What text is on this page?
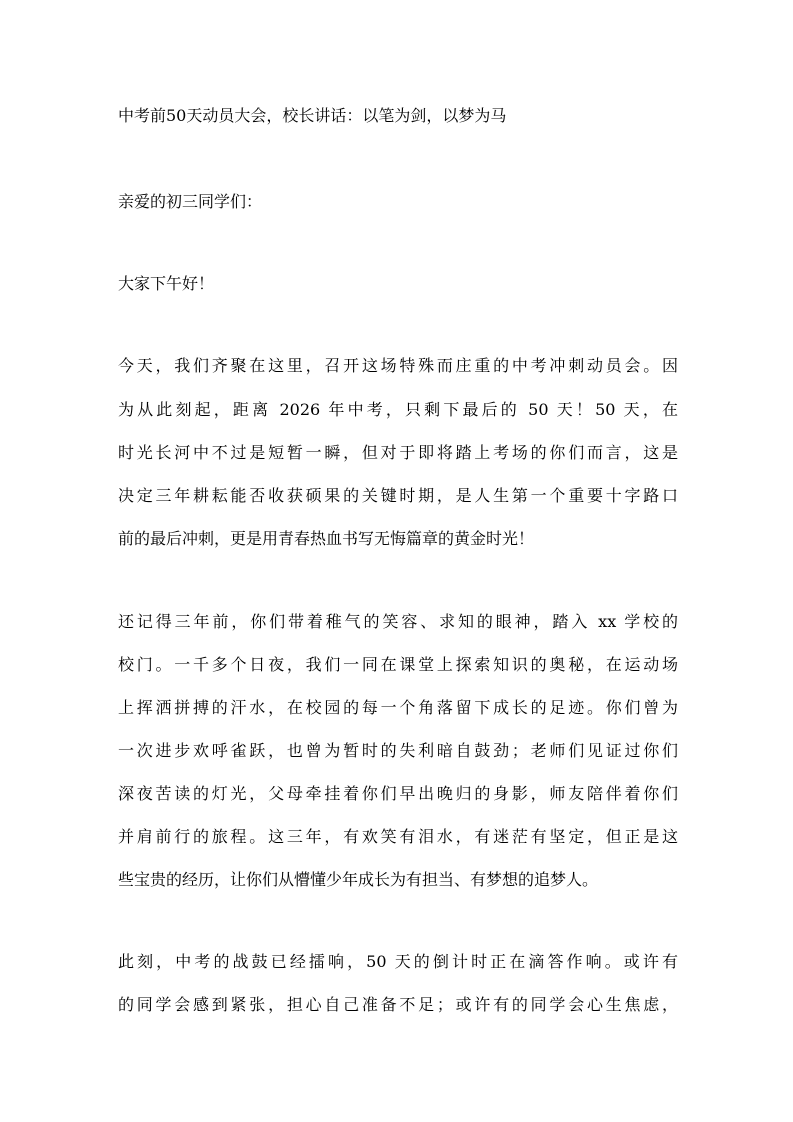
中考前50天动员大会，校长讲话：以笔为剑，以梦为马
亲爱的初三同学们：
大家下午好！
今天，我们齐聚在这里，召开这场特殊而庄重的中考冲刺动员会。因
为从此刻起，距离 2026 年中考，只剩下最后的 50 天！50 天，在
时光长河中不过是短暂一瞬，但对于即将踏上考场的你们而言，这是
决定三年耕耘能否收获硕果的关键时期，是人生第一个重要十字路口
前的最后冲刺，更是用青春热血书写无悔篇章的黄金时光！
还记得三年前，你们带着稚气的笑容、求知的眼神，踏入 xx 学校的
校门。一千多个日夜，我们一同在课堂上探索知识的奥秘，在运动场
上挥洒拼搏的汗水，在校园的每一个角落留下成长的足迹。你们曾为
一次进步欢呼雀跃，也曾为暂时的失利暗自鼓劲；老师们见证过你们
深夜苦读的灯光，父母牵挂着你们早出晚归的身影，师友陪伴着你们
并肩前行的旅程。这三年，有欢笑有泪水，有迷茫有坚定，但正是这
些宝贵的经历，让你们从懵懂少年成长为有担当、有梦想的追梦人。
此刻，中考的战鼓已经擂响，50 天的倒计时正在滴答作响。或许有
的同学会感到紧张，担心自己准备不足；或许有的同学会心生焦虑，
